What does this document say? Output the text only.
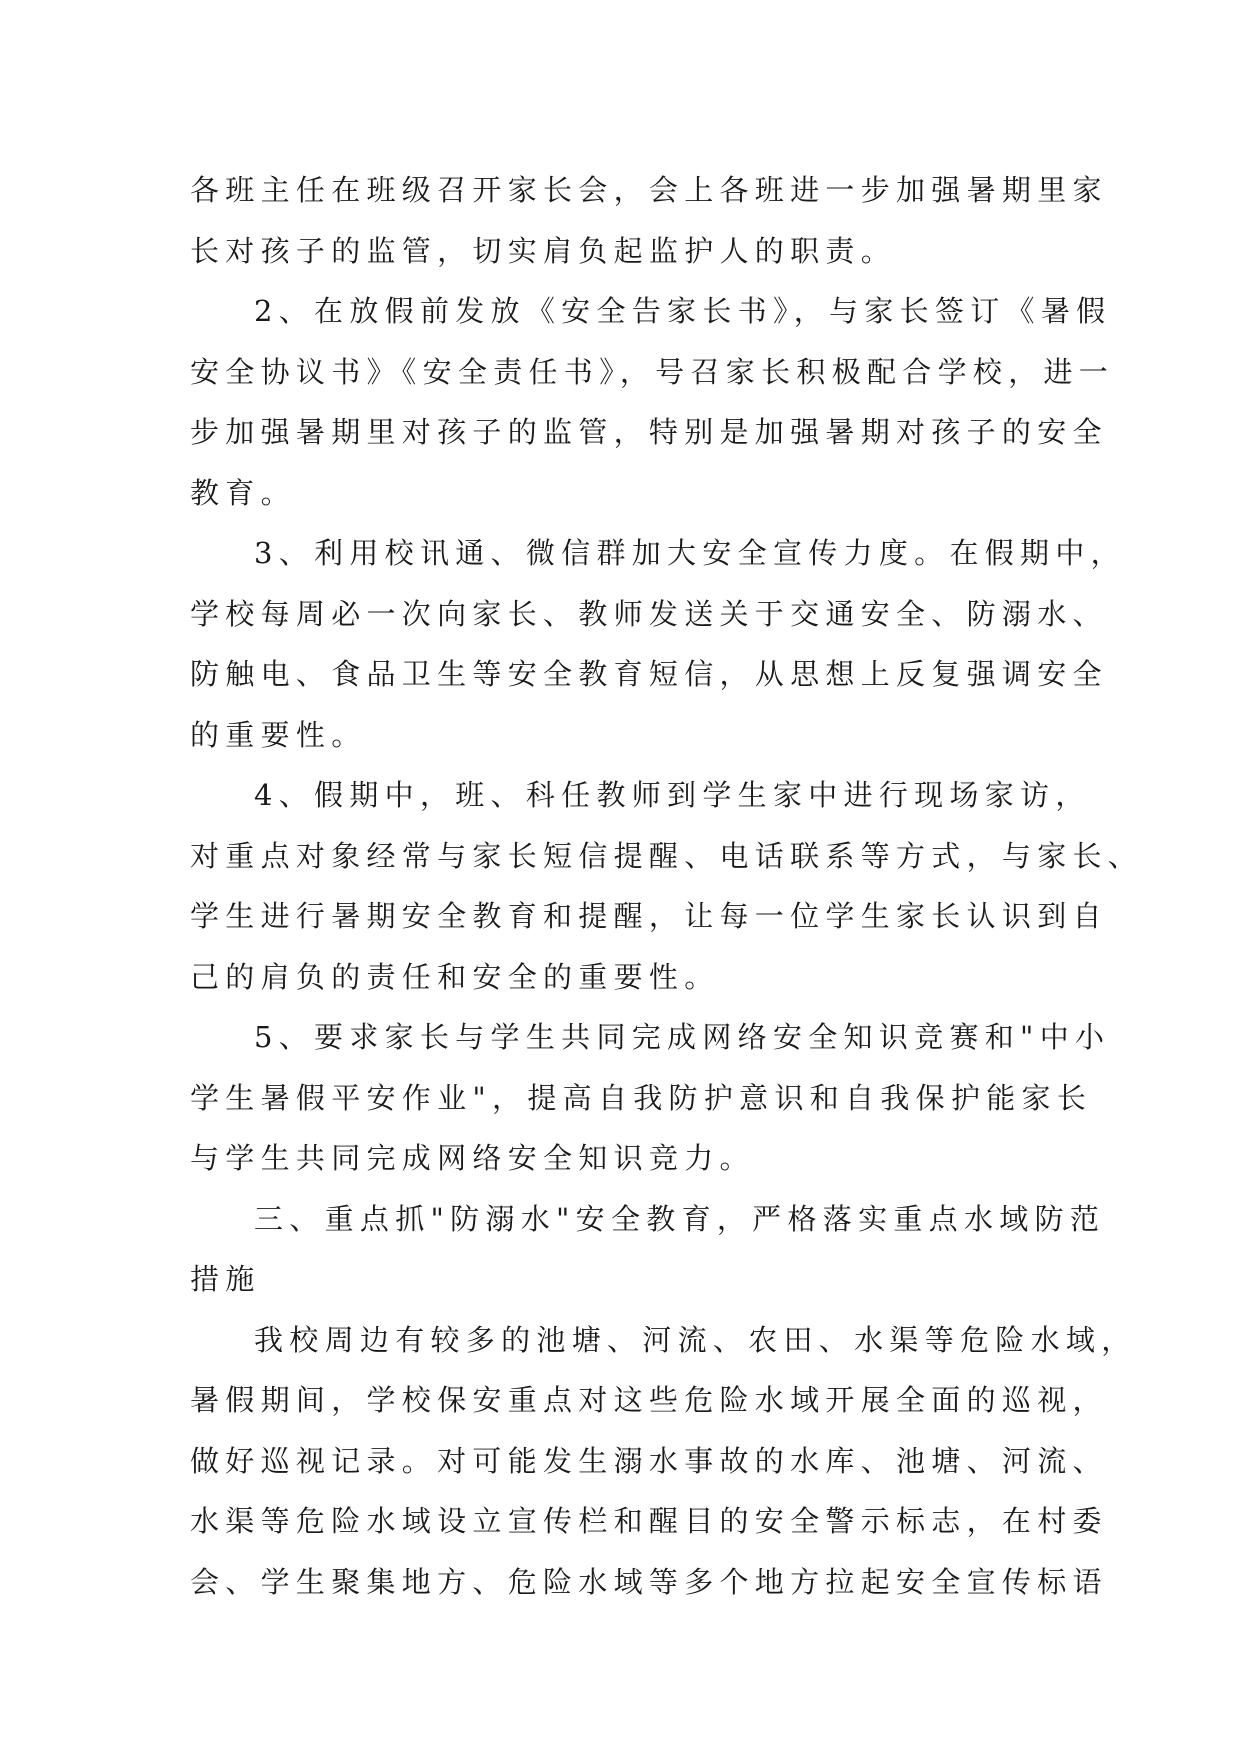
各班主任在班级召开家长会，会上各班进一步加强暑期里家
长对孩子的监管，切实肩负起监护人的职责。
2、在放假前发放《安全告家长书》，与家长签订《暑假
安全协议书》《安全责任书》，号召家长积极配合学校，进一
步加强暑期里对孩子的监管，特别是加强暑期对孩子的安全
教育。
3、利用校讯通、微信群加大安全宣传力度。在假期中，
学校每周必一次向家长、教师发送关于交通安全、防溺水、
防触电、食品卫生等安全教育短信，从思想上反复强调安全
的重要性。
4、假期中，班、科任教师到学生家中进行现场家访，
对重点对象经常与家长短信提醒、电话联系等方式，与家长、
学生进行暑期安全教育和提醒，让每一位学生家长认识到自
己的肩负的责任和安全的重要性。
5、要求家长与学生共同完成网络安全知识竞赛和"中小
学生暑假平安作业"，提高自我防护意识和自我保护能家长
与学生共同完成网络安全知识竞力。
三、重点抓"防溺水"安全教育，严格落实重点水域防范
措施
我校周边有较多的池塘、河流、农田、水渠等危险水域，
暑假期间，学校保安重点对这些危险水域开展全面的巡视，
做好巡视记录。对可能发生溺水事故的水库、池塘、河流、
水渠等危险水域设立宣传栏和醒目的安全警示标志，在村委
会、学生聚集地方、危险水域等多个地方拉起安全宣传标语
